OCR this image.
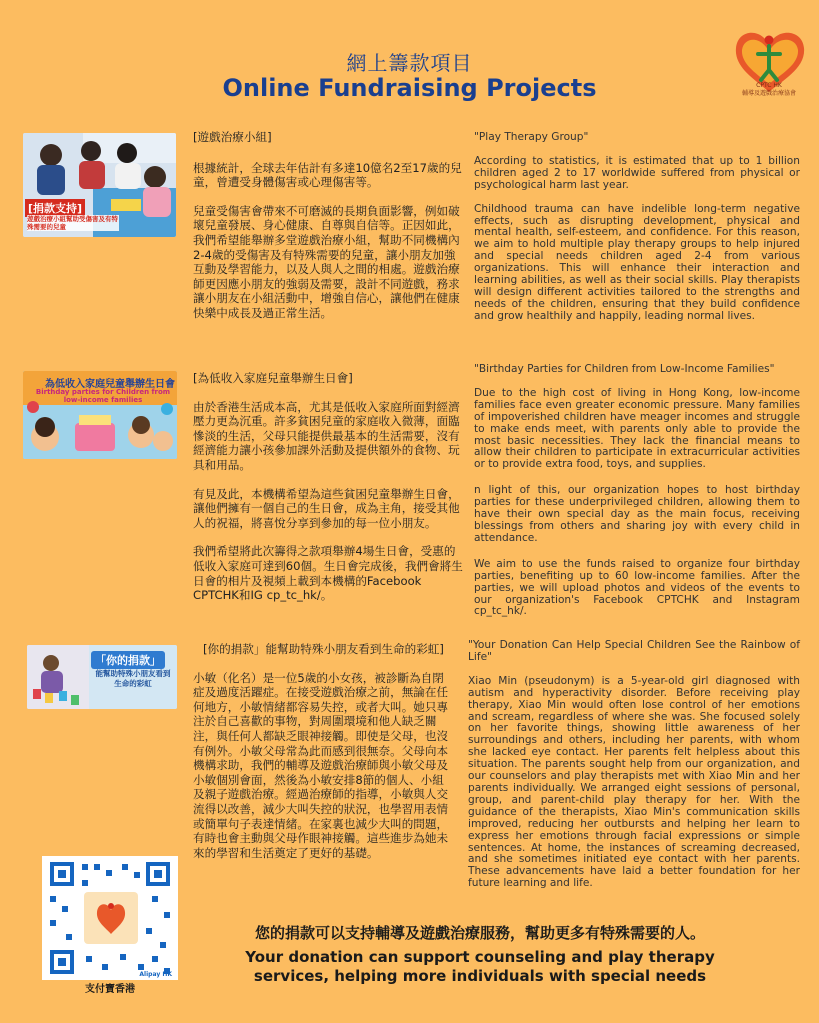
網上籌款項目
Online Fundraising Projects	CPTC HK
輔導及遊戲治療協會
[捐款支持]
遊戲治療小組幫助受傷害及有特殊需要的兒童

[遊戲治療小組]

根據統計，全球去年估計有多達10億名2至17歲的兒童，曾遭受身體傷害或心理傷害等。

兒童受傷害會帶來不可磨滅的長期負面影響，例如破壞兒童發展、身心健康、自尊與自信等。正因如此，我們希望能舉辦多堂遊戲治療小組，幫助不同機構內2-4歲的受傷害及有特殊需要的兒童，讓小朋友加強互動及學習能力，以及人與人之間的相處。遊戲治療師更因應小朋友的強弱及需要，設計不同遊戲，務求讓小朋友在小組活動中，增強自信心，讓他們在健康快樂中成長及過正常生活。

"Play Therapy Group"

According to statistics, it is estimated that up to 1 billion children aged 2 to 17 worldwide suffered from physical or psychological harm last year.

Childhood trauma can have indelible long-term negative effects, such as disrupting development, physical and mental health, self-esteem, and confidence. For this reason, we aim to hold multiple play therapy groups to help injured and special needs children aged 2-4 from various organizations. This will enhance their interaction and learning abilities, as well as their social skills. Play therapists will design different activities tailored to the strengths and needs of the children, ensuring that they build confidence and grow healthily and happily, leading normal lives.

為低收入家庭兒童舉辦生日會
Birthday parties for Children from low-income families

[為低收入家庭兒童舉辦生日會]

由於香港生活成本高，尤其是低收入家庭所面對經濟壓力更為沉重。許多貧困兒童的家庭收入微薄，面臨慘淡的生活，父母只能提供最基本的生活需要，沒有經濟能力讓小孩參加課外活動及提供額外的食物、玩具和用品。

有見及此，本機構希望為這些貧困兒童舉辦生日會，讓他們擁有一個自己的生日會，成為主角，接受其他人的祝福，將喜悅分享到參加的每一位小朋友。

我們希望將此次籌得之款項舉辦4場生日會，受惠的低收入家庭可達到60個。生日會完成後，我們會將生日會的相片及視頻上載到本機構的Facebook CPTCHK和IG cp_tc_hk/。

"Birthday Parties for Children from Low-Income Families"

Due to the high cost of living in Hong Kong, low-income families face even greater economic pressure. Many families of impoverished children have meager incomes and struggle to make ends meet, with parents only able to provide the most basic necessities. They lack the financial means to allow their children to participate in extracurricular activities or to provide extra food, toys, and supplies.

n light of this, our organization hopes to host birthday parties for these underprivileged children, allowing them to have their own special day as the main focus, receiving blessings from others and sharing joy with every child in attendance.

We aim to use the funds raised to organize four birthday parties, benefiting up to 60 low-income families. After the parties, we will upload photos and videos of the events to our organization's Facebook CPTCHK and Instagram cp_tc_hk/.

「你的捐款」
能幫助特殊小朋友看到生命的彩虹

[你的捐款」能幫助特殊小朋友看到生命的彩虹]

小敏（化名）是一位5歲的小女孩，被診斷為自閉症及過度活躍症。在接受遊戲治療之前，無論在任何地方，小敏情緒都容易失控，或者大叫。她只專注於自己喜歡的事物，對周圍環境和他人缺乏關注，與任何人都缺乏眼神接觸。即使是父母，也沒有例外。小敏父母常為此而感到很無奈。父母向本機構求助，我們的輔導及遊戲治療師與小敏父母及小敏個別會面，然後為小敏安排8節的個人、小組及親子遊戲治療。經過治療師的指導，小敏與人交流得以改善，減少大叫失控的狀況，也學習用表情或簡單句子表達情緒。在家裏也減少大叫的問題，有時也會主動與父母作眼神接觸。這些進步為她未來的學習和生活奠定了更好的基礎。

"Your Donation Can Help Special Children See the Rainbow of Life"

Xiao Min (pseudonym) is a 5-year-old girl diagnosed with autism and hyperactivity disorder. Before receiving play therapy, Xiao Min would often lose control of her emotions and scream, regardless of where she was. She focused solely on her favorite things, showing little awareness of her surroundings and others, including her parents, with whom she lacked eye contact. Her parents felt helpless about this situation. The parents sought help from our organization, and our counselors and play therapists met with Xiao Min and her parents individually. We arranged eight sessions of personal, group, and parent-child play therapy for her. With the guidance of the therapists, Xiao Min's communication skills improved, reducing her outbursts and helping her learn to express her emotions through facial expressions or simple sentences. At home, the instances of screaming decreased, and she sometimes initiated eye contact with her parents. These advancements have laid a better foundation for her future learning and life.

Alipay HK
支付寶香港
您的捐款可以支持輔導及遊戲治療服務，幫助更多有特殊需要的人。
Your donation can support counseling and play therapy
services, helping more individuals with special needs
